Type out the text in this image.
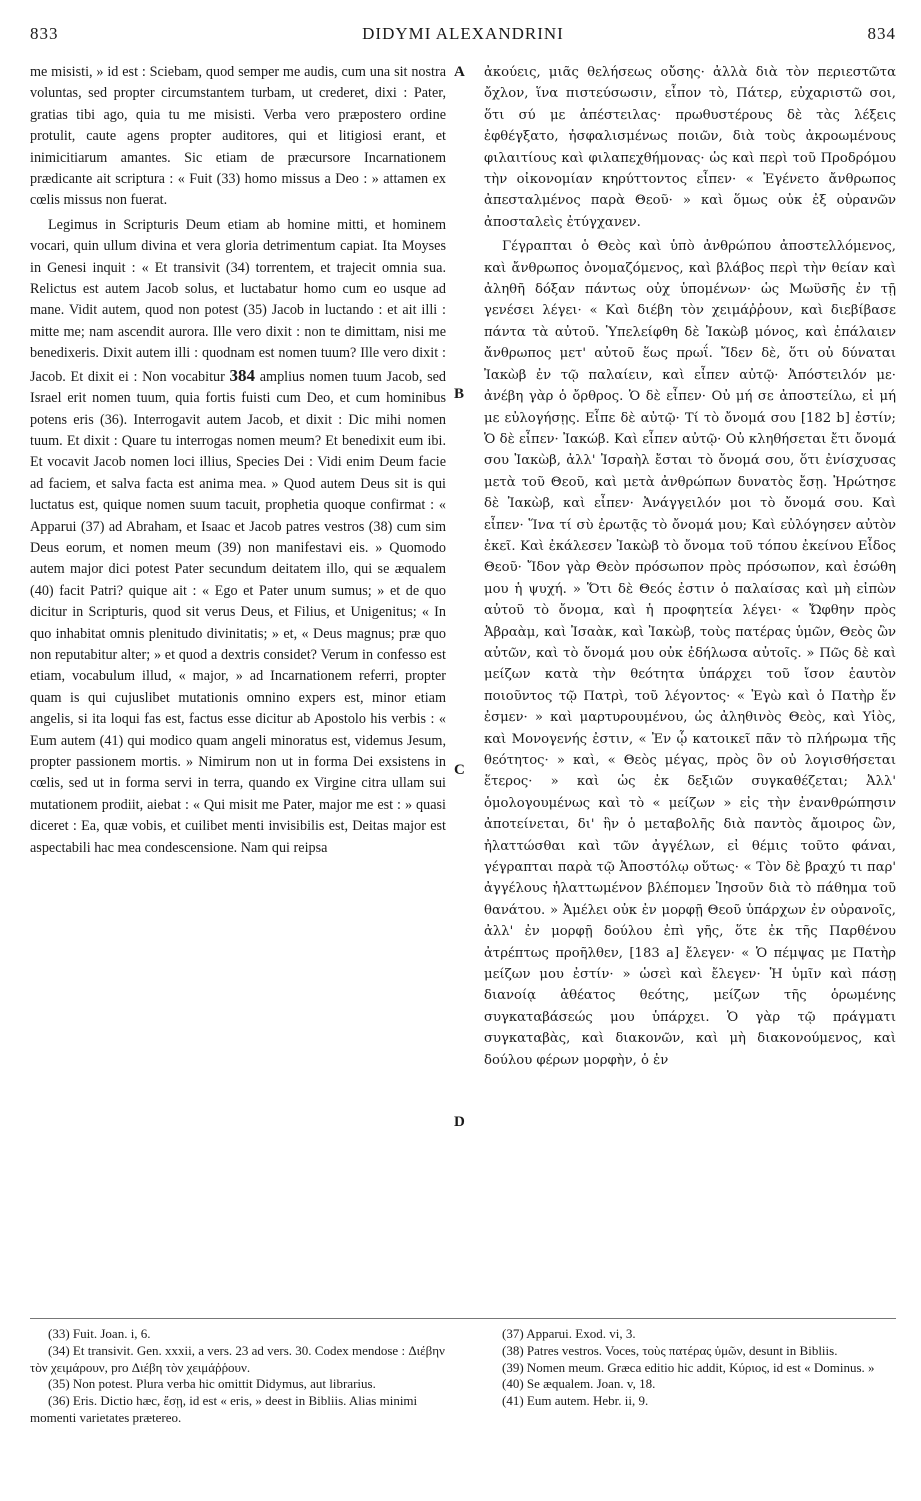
833	DIDYMI ALEXANDRINI	834
A
B
C
D

me misisti, » id est : Sciebam, quod semper me audis, cum una sit nostra voluntas, sed propter circumstantem turbam, ut crederet, dixi : Pater, gratias tibi ago, quia tu me misisti. Verba vero præpostero ordine protulit, caute agens propter auditores, qui et litigiosi erant, et inimicitiarum amantes. Sic etiam de præcursore Incarnationem prædicante ait scriptura : « Fuit (33) homo missus a Deo : » attamen ex cœlis missus non fuerat.

Legimus in Scripturis Deum etiam ab homine mitti, et hominem vocari, quin ullum divina et vera gloria detrimentum capiat. Ita Moyses in Genesi inquit : « Et transivit (34) torrentem, et trajecit omnia sua. Relictus est autem Jacob solus, et luctabatur homo cum eo usque ad mane. Vidit autem, quod non potest (35) Jacob in luctando : et ait illi : mitte me; nam ascendit aurora. Ille vero dixit : non te dimittam, nisi me benedixeris. Dixit autem illi : quodnam est nomen tuum? Ille vero dixit : Jacob. Et dixit ei : Non vocabitur 384 amplius nomen tuum Jacob, sed Israel erit nomen tuum, quia fortis fuisti cum Deo, et cum hominibus potens eris (36). Interrogavit autem Jacob, et dixit : Dic mihi nomen tuum. Et dixit : Quare tu interrogas nomen meum? Et benedixit eum ibi. Et vocavit Jacob nomen loci illius, Species Dei : Vidi enim Deum facie ad faciem, et salva facta est anima mea. » Quod autem Deus sit is qui luctatus est, quique nomen suum tacuit, prophetia quoque confirmat : « Apparui (37) ad Abraham, et Isaac et Jacob patres vestros (38) cum sim Deus eorum, et nomen meum (39) non manifestavi eis. » Quomodo autem major dici potest Pater secundum deitatem illo, qui se æqualem (40) facit Patri? quique ait : « Ego et Pater unum sumus; » et de quo dicitur in Scripturis, quod sit verus Deus, et Filius, et Unigenitus; « In quo inhabitat omnis plenitudo divinitatis; » et, « Deus magnus; præ quo non reputabitur alter; » et quod a dextris considet? Verum in confesso est etiam, vocabulum illud, « major, » ad Incarnationem referri, propter quam is qui cujuslibet mutationis omnino expers est, minor etiam angelis, si ita loqui fas est, factus esse dicitur ab Apostolo his verbis : « Eum autem (41) qui modico quam angeli minoratus est, videmus Jesum, propter passionem mortis. » Nimirum non ut in forma Dei exsistens in cœlis, sed ut in forma servi in terra, quando ex Virgine citra ullam sui mutationem prodiit, aiebat : « Qui misit me Pater, major me est : » quasi diceret : Ea, quæ vobis, et cuilibet menti invisibilis est, Deitas major est aspectabili hac mea condescensione. Nam qui reipsa

ἀκούεις, μιᾶς θελήσεως οὔσης· ἀλλὰ διὰ τὸν περιεστῶτα ὄχλον, ἵνα πιστεύσωσιν, εἶπον τὸ, Πάτερ, εὐχαριστῶ σοι, ὅτι σύ με ἀπέστειλας· πρωθυστέρους δὲ τὰς λέξεις ἐφθέγξατο, ἠσφαλισμένως ποιῶν, διὰ τοὺς ἀκροωμένους φιλαιτίους καὶ φιλαπεχθήμονας· ὡς καὶ περὶ τοῦ Προδρόμου τὴν οἰκονομίαν κηρύττοντος εἶπεν· « Ἐγένετο ἄνθρωπος ἀπεσταλμένος παρὰ Θεοῦ· » καὶ ὅμως οὐκ ἐξ οὐρανῶν ἀποσταλεὶς ἐτύγχανεν.

Γέγραπται ὁ Θεὸς καὶ ὑπὸ ἀνθρώπου ἀποστελλόμενος, καὶ ἄνθρωπος ὀνομαζόμενος, καὶ βλάβος περὶ τὴν θείαν καὶ ἀληθῆ δόξαν πάντως οὐχ ὑπομένων· ὡς Μωϋσῆς ἐν τῇ γενέσει λέγει· « Καὶ διέβη τὸν χειμάῤῥουν, καὶ διεβίβασε πάντα τὰ αὐτοῦ. Ὑπελείφθη δὲ Ἰακὼβ μόνος, καὶ ἐπάλαιεν ἄνθρωπος μετ' αὐτοῦ ἕως πρωΐ. Ἴδεν δὲ, ὅτι οὐ δύναται Ἰακὼβ ἐν τῷ παλαίειν, καὶ εἶπεν αὐτῷ· Ἀπόστειλόν με· ἀνέβη γὰρ ὁ ὄρθρος. Ὁ δὲ εἶπεν· Οὐ μή σε ἀποστείλω, εἰ μή με εὐλογήσῃς. Εἶπε δὲ αὐτῷ· Τί τὸ ὄνομά σου [182 b] ἐστίν; Ὁ δὲ εἶπεν· Ἰακώβ. Καὶ εἶπεν αὐτῷ· Οὐ κληθήσεται ἔτι ὄνομά σου Ἰακὼβ, ἀλλ' Ἰσραὴλ ἔσται τὸ ὄνομά σου, ὅτι ἐνίσχυσας μετὰ τοῦ Θεοῦ, καὶ μετὰ ἀνθρώπων δυνατὸς ἔσῃ. Ἠρώτησε δὲ Ἰακὼβ, καὶ εἶπεν· Ἀνάγγειλόν μοι τὸ ὄνομά σου. Καὶ εἶπεν· Ἵνα τί σὺ ἐρωτᾷς τὸ ὄνομά μου; Καὶ εὐλόγησεν αὐτὸν ἐκεῖ. Καὶ ἐκάλεσεν Ἰακὼβ τὸ ὄνομα τοῦ τόπου ἐκείνου Εἶδος Θεοῦ· Ἴδον γὰρ Θεὸν πρόσωπον πρὸς πρόσωπον, καὶ ἐσώθη μου ἡ ψυχή. » Ὅτι δὲ Θεός ἐστιν ὁ παλαίσας καὶ μὴ εἰπὼν αὐτοῦ τὸ ὄνομα, καὶ ἡ προφητεία λέγει· « Ὤφθην πρὸς Ἀβραὰμ, καὶ Ἰσαὰκ, καὶ Ἰακὼβ, τοὺς πατέρας ὑμῶν, Θεὸς ὢν αὐτῶν, καὶ τὸ ὄνομά μου οὐκ ἐδήλωσα αὐτοῖς. » Πῶς δὲ καὶ μείζων κατὰ τὴν θεότητα ὑπάρχει τοῦ ἴσον ἑαυτὸν ποιοῦντος τῷ Πατρὶ, τοῦ λέγοντος· « Ἐγὼ καὶ ὁ Πατὴρ ἕν ἐσμεν· » καὶ μαρτυρουμένου, ὡς ἀληθινὸς Θεὸς, καὶ Υἱὸς, καὶ Μονογενής ἐστιν, « Ἐν ᾧ κατοικεῖ πᾶν τὸ πλήρωμα τῆς θεότητος· » καὶ, « Θεὸς μέγας, πρὸς ὃν οὐ λογισθήσεται ἕτερος· » καὶ ὡς ἐκ δεξιῶν συγκαθέζεται; Ἀλλ' ὁμολογουμένως καὶ τὸ « μείζων » εἰς τὴν ἐνανθρώπησιν ἀποτείνεται, δι' ἣν ὁ μεταβολῆς διὰ παντὸς ἄμοιρος ὢν, ἠλαττώσθαι καὶ τῶν ἀγγέλων, εἰ θέμις τοῦτο φάναι, γέγραπται παρὰ τῷ Ἀποστόλῳ οὕτως· « Τὸν δὲ βραχύ τι παρ' ἀγγέλους ἠλαττωμένον βλέπομεν Ἰησοῦν διὰ τὸ πάθημα τοῦ θανάτου. » Ἀμέλει οὐκ ἐν μορφῇ Θεοῦ ὑπάρχων ἐν οὐρανοῖς, ἀλλ' ἐν μορφῇ δούλου ἐπὶ γῆς, ὅτε ἐκ τῆς Παρθένου ἀτρέπτως προῆλθεν, [183 a] ἔλεγεν· « Ὁ πέμψας με Πατὴρ μείζων μου ἐστίν· » ὡσεὶ καὶ ἔλεγεν· Ἡ ὑμῖν καὶ πάσῃ διανοίᾳ ἀθέατος θεότης, μείζων τῆς ὁρωμένης συγκαταβάσεώς μου ὑπάρχει. Ὁ γὰρ τῷ πράγματι συγκαταβὰς, καὶ διακονῶν, καὶ μὴ διακονούμενος, καὶ δούλου φέρων μορφὴν, ὁ ἐν

(33) Fuit. Joan. i, 6.

(34) Et transivit. Gen. xxxii, a vers. 23 ad vers. 30. Codex mendose : Διέβην τὸν χειμάρουν, pro Διέβη τὸν χειμάῤῥουν.

(35) Non potest. Plura verba hic omittit Didymus, aut librarius.

(36) Eris. Dictio hæc, ἔσῃ, id est « eris, » deest in Bibliis. Alias minimi momenti varietates prætereo.

(37) Apparui. Exod. vi, 3.

(38) Patres vestros. Voces, τοὺς πατέρας ὑμῶν, desunt in Bibliis.

(39) Nomen meum. Græca editio hic addit, Κύριος, id est « Dominus. »

(40) Se æqualem. Joan. v, 18.

(41) Eum autem. Hebr. ii, 9.
